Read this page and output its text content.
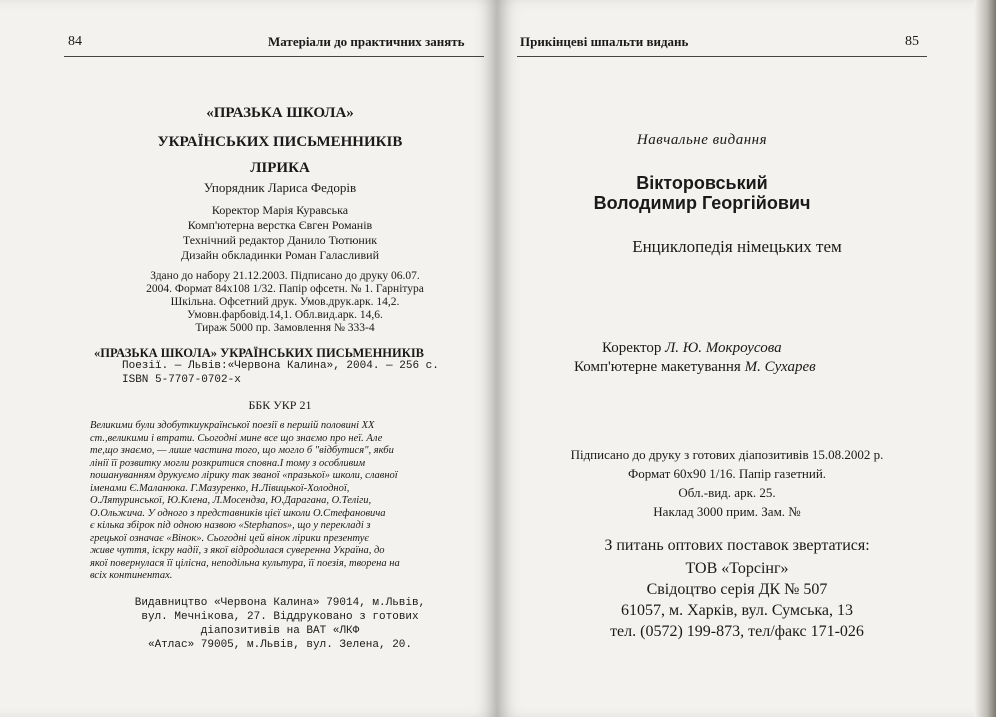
84	Матеріали до практичних занять
«ПРАЗЬКА ШКОЛА»
УКРАЇНСЬКИХ ПИСЬМЕННИКІВ
ЛІРИКА
Упорядник Лариса Федорів
Коректор Марія Куравська
Комп'ютерна верстка Євген Романів
Технічний редактор Данило Тютюник
Дизайн обкладинки Роман Галасливий
Здано до набору 21.12.2003. Підписано до друку 06.07.
2004. Формат 84х108 1/32. Папір офсетн. № 1. Гарнітура
Шкільна. Офсетний друк. Умов.друк.арк. 14,2.
Умовн.фарбовід.14,1. Обл.вид.арк. 14,6.
Тираж 5000 пр. Замовлення № 333-4
«ПРАЗЬКА ШКОЛА» УКРАЇНСЬКИХ ПИСЬМЕННИКІВ
Поезії. — Львів:«Червона Калина», 2004. — 256 с.
ISBN 5-7707-0702-х
ББК УКР 21
Великими були здобуткиукраїнської поезії в першій половині ХХ
ст.,великими і втрати. Сьогодні мине все що знаємо про неї. Але
те,що знаємо, — лише частина того, що могло б "відбутися", якби
лінії її розвитку могли розкритися сповна.І тому з особливим
пошануванням друкуємо лірику так званої «празької» школи, славної
іменами Є.Маланюка. Г.Мазуренко, Н.Лівицької-Холодної,
О.Лятуринської, Ю.Клена, Л.Мосендза, Ю.Дарагана, О.Теліги,
О.Ольжича. У одного з представників цієї школи О.Стефановича
є кілька збірок під одною назвою «Stephanos», що у перекладі з
грецької означає «Вінок». Сьогодні цей вінок лірики презентує
живе чуття, іскру надії, з якої відродилася суверенна Україна, до
якої повернулася її цілісна, неподільна культура, її поезія, творена на
всіх континентах.
Видавництво «Червона Калина» 79014, м.Львів,
вул. Мечнікова, 27. Віддруковано з готових
діапозитивів на ВАТ «ЛКФ
«Атлас» 79005, м.Львів, вул. Зелена, 20.
Прикінцеві шпальти видань	85
Навчальне видання
Вікторовський
Володимир Георгійович
Енциклопедія німецьких тем
Коректор Л. Ю. Мокроусова
Комп'ютерне макетування М. Сухарев
Підписано до друку з готових діапозитивів 15.08.2002 р.
Формат 60х90 1/16. Папір газетний.
Обл.-вид. арк. 25.
Наклад 3000 прим. Зам. №
З питань оптових поставок звертатися:
ТОВ «Торсінг»
Свідоцтво серія ДК № 507
61057, м. Харків, вул. Сумська, 13
тел. (0572) 199-873, тел/факс 171-026
